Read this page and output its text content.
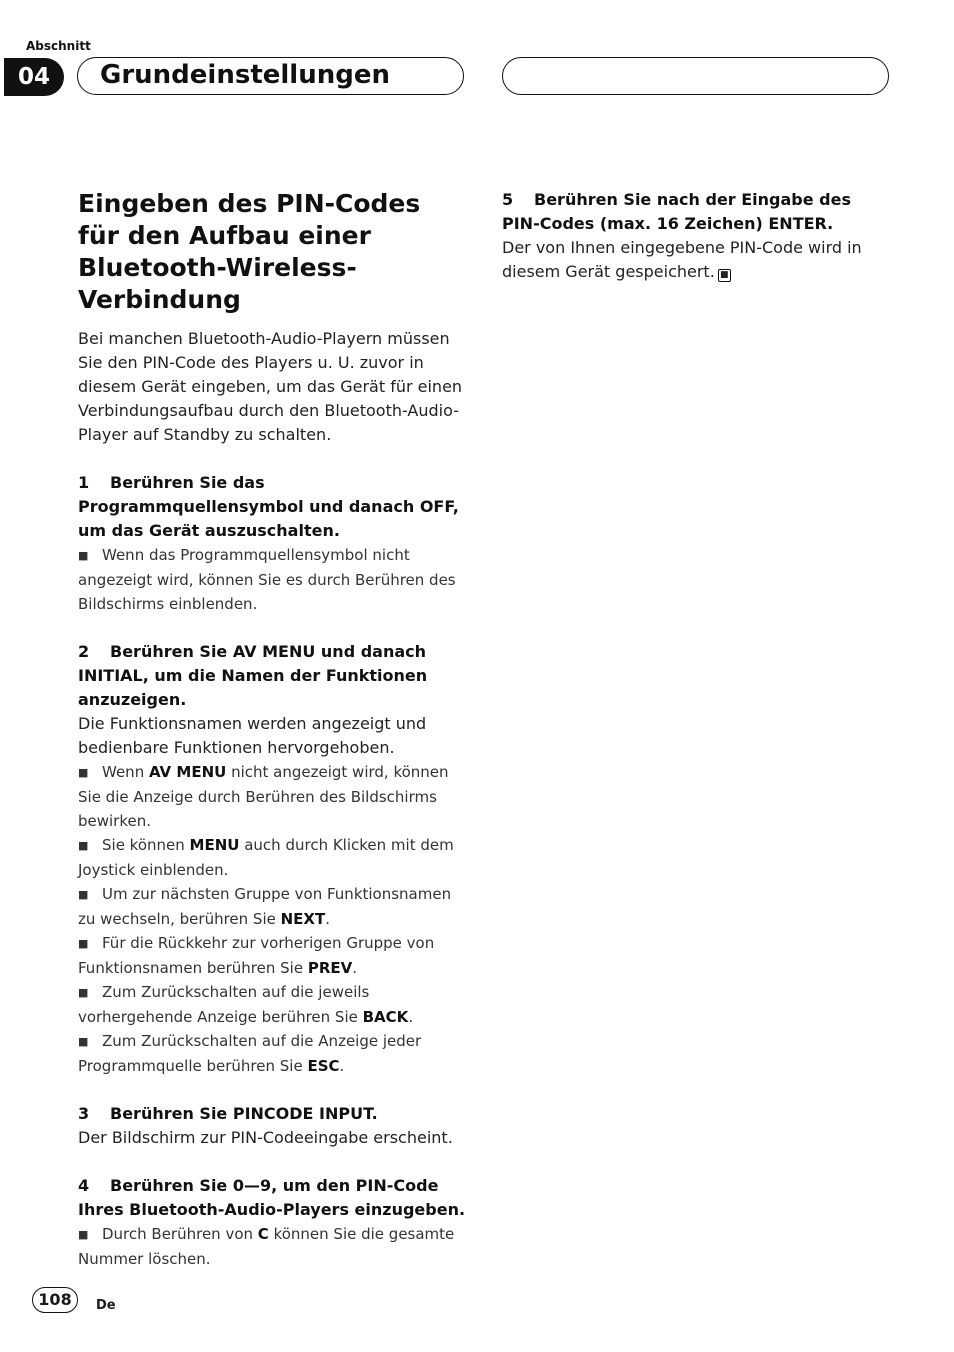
Abschnitt
04	Grundeinstellungen
Eingeben des PIN-Codes für den Aufbau einer Bluetooth-Wireless-Verbindung

Bei manchen Bluetooth-Audio-Playern müssen Sie den PIN-Code des Players u. U. zuvor in diesem Gerät eingeben, um das Gerät für einen Verbindungsaufbau durch den Bluetooth-Audio-Player auf Standby zu schalten.

1 Berühren Sie das Programmquellensymbol und danach OFF, um das Gerät auszuschalten.

■ Wenn das Programmquellensymbol nicht angezeigt wird, können Sie es durch Berühren des Bildschirms einblenden.

2 Berühren Sie AV MENU und danach INITIAL, um die Namen der Funktionen anzuzeigen.

Die Funktionsnamen werden angezeigt und bedienbare Funktionen hervorgehoben.

■ Wenn AV MENU nicht angezeigt wird, können Sie die Anzeige durch Berühren des Bildschirms bewirken.

■ Sie können MENU auch durch Klicken mit dem Joystick einblenden.

■ Um zur nächsten Gruppe von Funktionsnamen zu wechseln, berühren Sie NEXT.

■ Für die Rückkehr zur vorherigen Gruppe von Funktionsnamen berühren Sie PREV.

■ Zum Zurückschalten auf die jeweils vorhergehende Anzeige berühren Sie BACK.

■ Zum Zurückschalten auf die Anzeige jeder Programmquelle berühren Sie ESC.

3 Berühren Sie PINCODE INPUT.

Der Bildschirm zur PIN-Codeeingabe erscheint.

4 Berühren Sie 0—9, um den PIN-Code Ihres Bluetooth-Audio-Players einzugeben.

■ Durch Berühren von C können Sie die gesamte Nummer löschen.

5 Berühren Sie nach der Eingabe des PIN-Codes (max. 16 Zeichen) ENTER.

Der von Ihnen eingegebene PIN-Code wird in diesem Gerät gespeichert. ■

108	De
